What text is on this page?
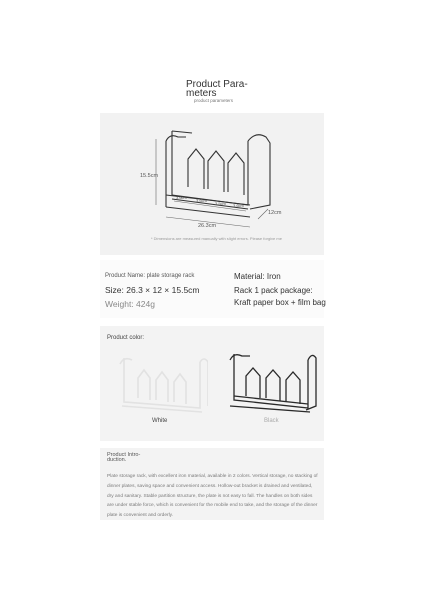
Product Para-
meters
product parameters
15.5cm
26.3cm
12cm
3.6cm
3.6cm
3.5cm 3.6cm
* Dimensions are measured manually with slight errors. Please forgive me
Product Name: plate storage rack
Size: 26.3 × 12 × 15.5cm
Weight: 424g
Material: Iron
Rack 1 pack package:
Kraft paper box + film bag
Product color:
White	Black
Product Intro-
duction.
Plate storage rack, with excellent iron material, available in 2 colors. Vertical storage, no stacking of dinner plates, saving space and convenient access. Hollow-out bracket is drained and ventilated, dry and sanitary. Stable partition structure, the plate is not easy to fall. The handles on both sides are under stable force, which is convenient for the mobile end to take, and the storage of the dinner plate is convenient and orderly.
